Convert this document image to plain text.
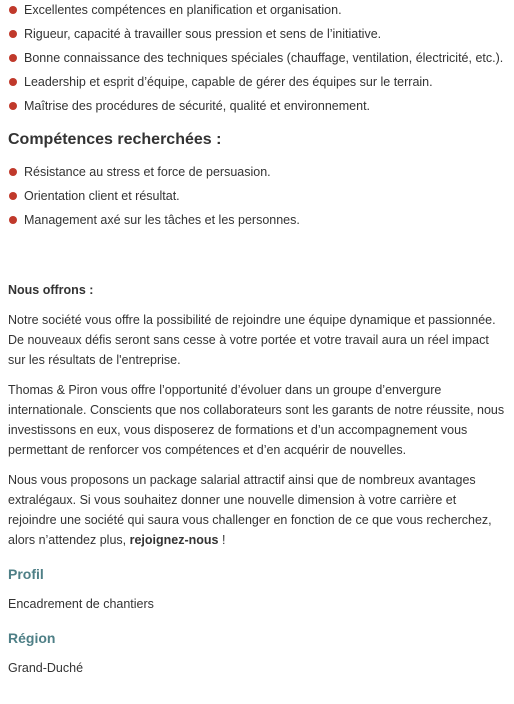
Excellentes compétences en planification et organisation.
Rigueur, capacité à travailler sous pression et sens de l’initiative.
Bonne connaissance des techniques spéciales (chauffage, ventilation, électricité, etc.).
Leadership et esprit d’équipe, capable de gérer des équipes sur le terrain.
Maîtrise des procédures de sécurité, qualité et environnement.
Compétences recherchées :
Résistance au stress et force de persuasion.
Orientation client et résultat.
Management axé sur les tâches et les personnes.
Nous offrons :

Notre société vous offre la possibilité de rejoindre une équipe dynamique et passionnée. De nouveaux défis seront sans cesse à votre portée et votre travail aura un réel impact sur les résultats de l'entreprise.

Thomas & Piron vous offre l’opportunité d’évoluer dans un groupe d’envergure internationale. Conscients que nos collaborateurs sont les garants de notre réussite, nous investissons en eux, vous disposerez de formations et d’un accompagnement vous permettant de renforcer vos compétences et d’en acquérir de nouvelles.

Nous vous proposons un package salarial attractif ainsi que de nombreux avantages extralégaux. Si vous souhaitez donner une nouvelle dimension à votre carrière et rejoindre une société qui saura vous challenger en fonction de ce que vous recherchez, alors n’attendez plus, rejoignez-nous !

Profil
Encadrement de chantiers
Région
Grand-Duché
